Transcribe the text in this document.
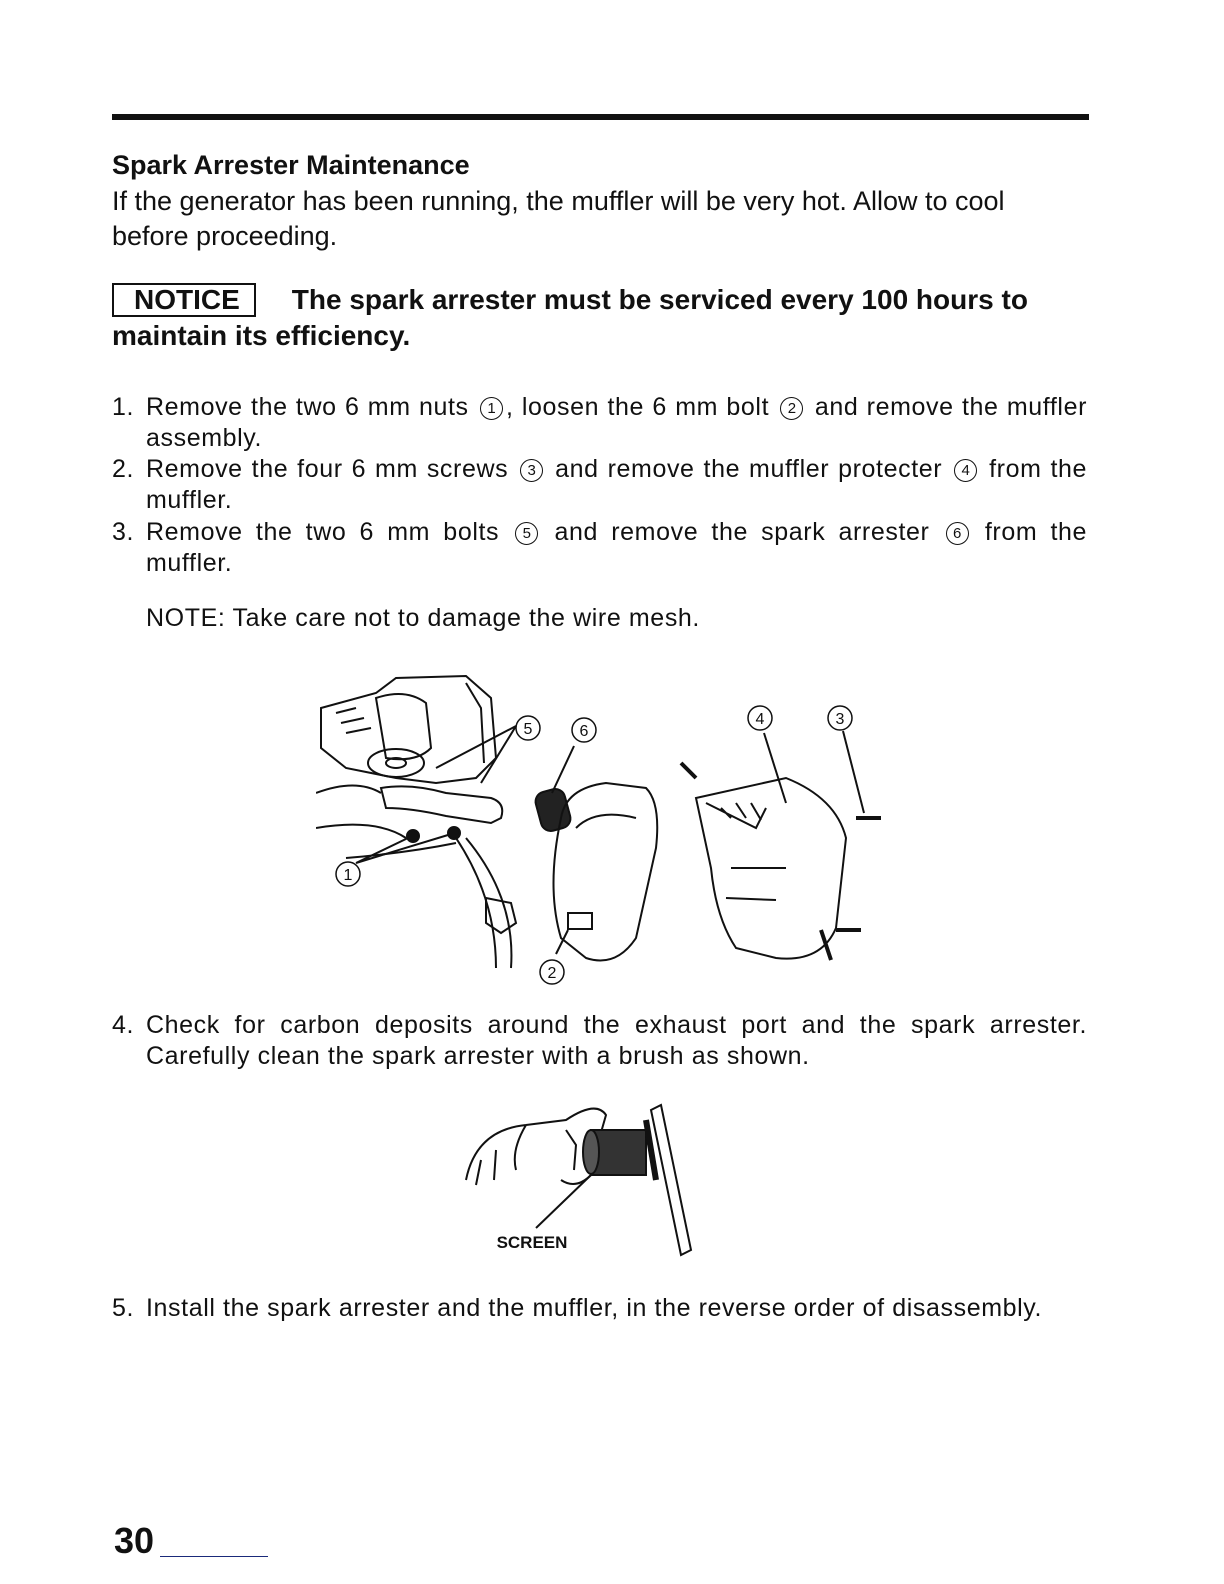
Spark Arrester Maintenance

If the generator has been running, the muffler will be very hot. Allow to cool before proceeding.

NOTICE The spark arrester must be serviced every 100 hours to maintain its efficiency.
1. Remove the two 6 mm nuts 1 , loosen the 6 mm bolt 2 and remove the muffler assembly.
2. Remove the four 6 mm screws 3 and remove the muffler protecter 4 from the muffler.
3. Remove the two 6 mm bolts 5 and remove the spark arrester 6 from the muffler.
NOTE: Take care not to damage the wire mesh.
5	6
4	3
1
2
4. Check for carbon deposits around the exhaust port and the spark arrester. Carefully clean the spark arrester with a brush as shown.
SCREEN
5. Install the spark arrester and the muffler, in the reverse order of disassembly.
30
